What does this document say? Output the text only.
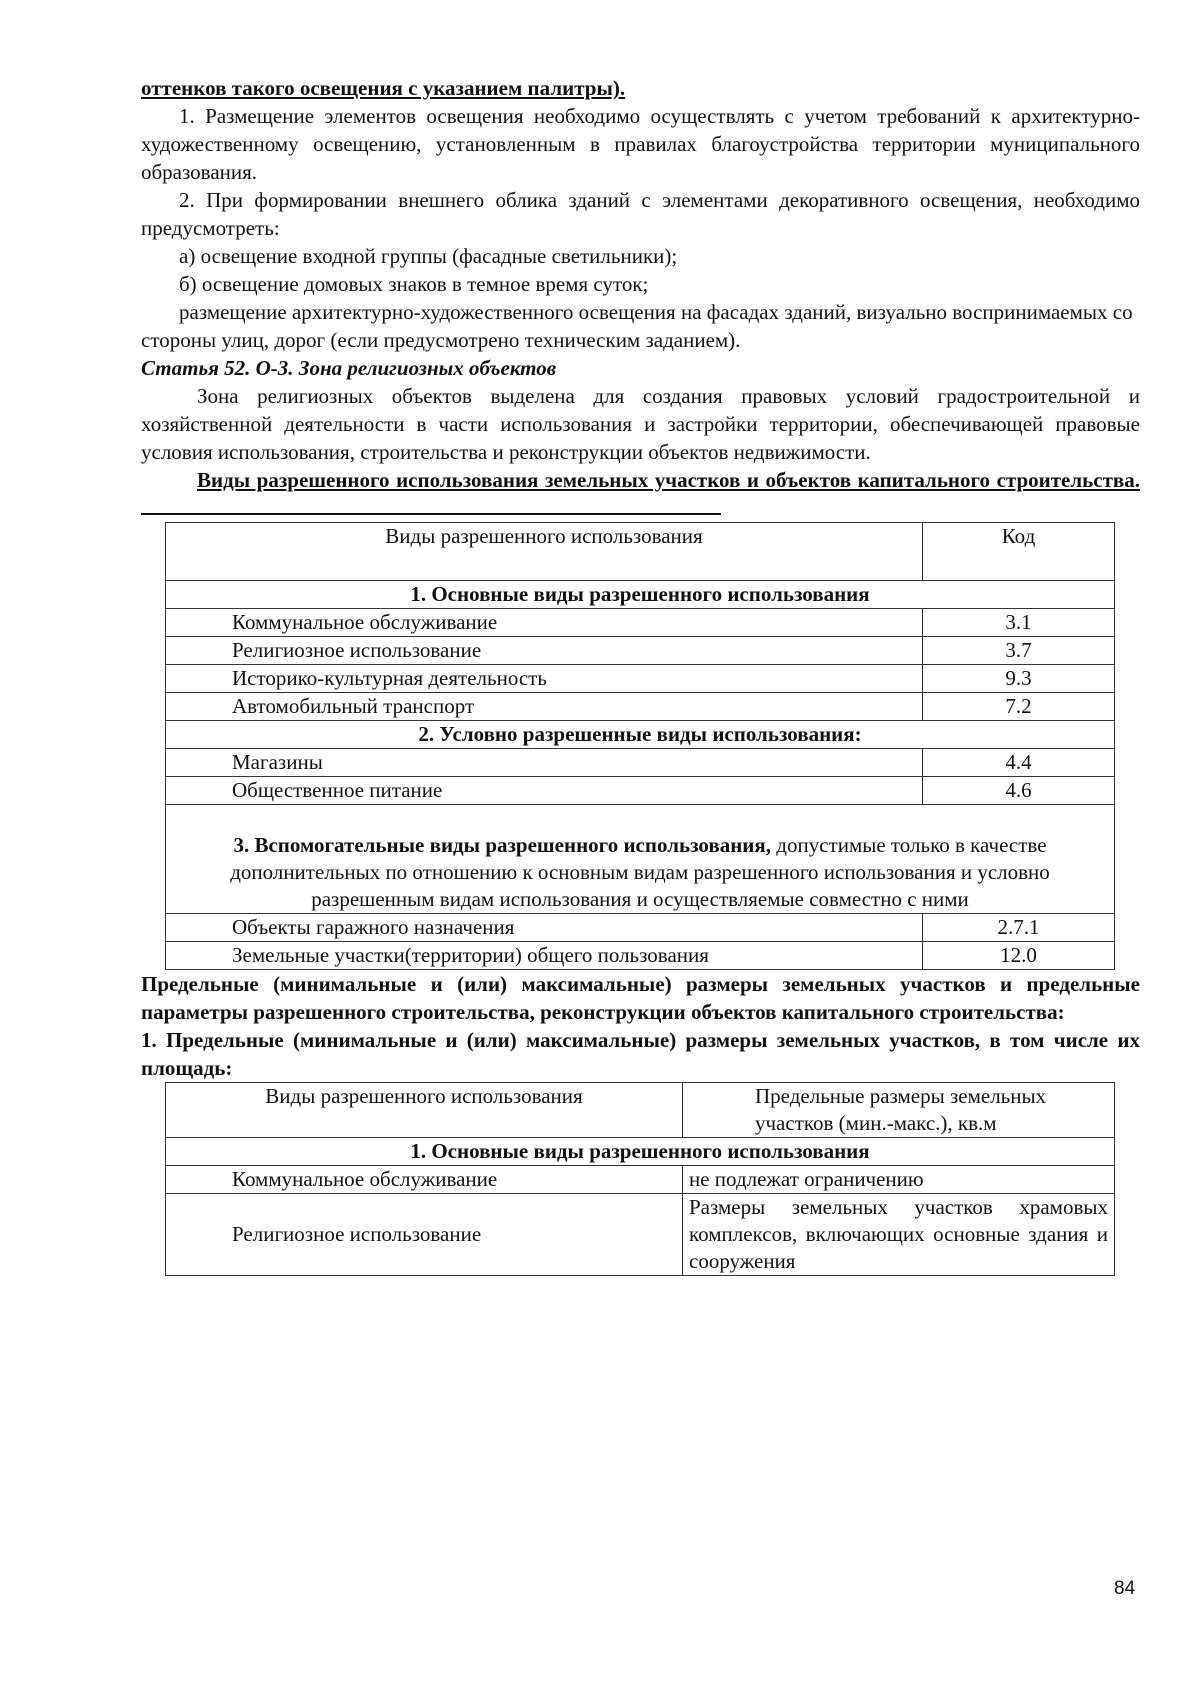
оттенков такого освещения с указанием палитры).

1. Размещение элементов освещения необходимо осуществлять с учетом требований к архитектурно-художественному освещению, установленным в правилах благоустройства территории муниципального образования.

2. При формировании внешнего облика зданий с элементами декоративного освещения, необходимо предусмотреть:

а) освещение входной группы (фасадные светильники);

б) освещение домовых знаков в темное время суток;

размещение архитектурно-художественного освещения на фасадах зданий, визуально воспринимаемых со стороны улиц, дорог (если предусмотрено техническим заданием).

Статья 52. О-3. Зона религиозных объектов

Зона религиозных объектов выделена для создания правовых условий градостроительной и хозяйственной деятельности в части использования и застройки территории, обеспечивающей правовые условия использования, строительства и реконструкции объектов недвижимости.

Виды разрешенного использования земельных участков и объектов капитального строительства.

Виды разрешенного использования	Код
1. Основные виды разрешенного использования	
Коммунальное обслуживание	3.1
Религиозное использование	3.7
Историко-культурная деятельность	9.3
Автомобильный транспорт	7.2
2. Условно разрешенные виды использования:	
Магазины	4.4
Общественное питание	4.6
3. Вспомогательные виды разрешенного использования, допустимые только в качестве дополнительных по отношению к основным видам разрешенного использования и условно разрешенным видам использования и осуществляемые совместно с ними	
Объекты гаражного назначения	2.7.1
Земельные участки(территории) общего пользования	12.0

Предельные (минимальные и (или) максимальные) размеры земельных участков и предельные параметры разрешенного строительства, реконструкции объектов капитального строительства:

1. Предельные (минимальные и (или) максимальные) размеры земельных участков, в том числе их площадь:

Виды разрешенного использования	Предельные размеры земельных участков (мин.-макс.), кв.м
1. Основные виды разрешенного использования	
Коммунальное обслуживание	не подлежат ограничению
Религиозное использование	Размеры земельных участков храмовых комплексов, включающих основные здания и сооружения
84
